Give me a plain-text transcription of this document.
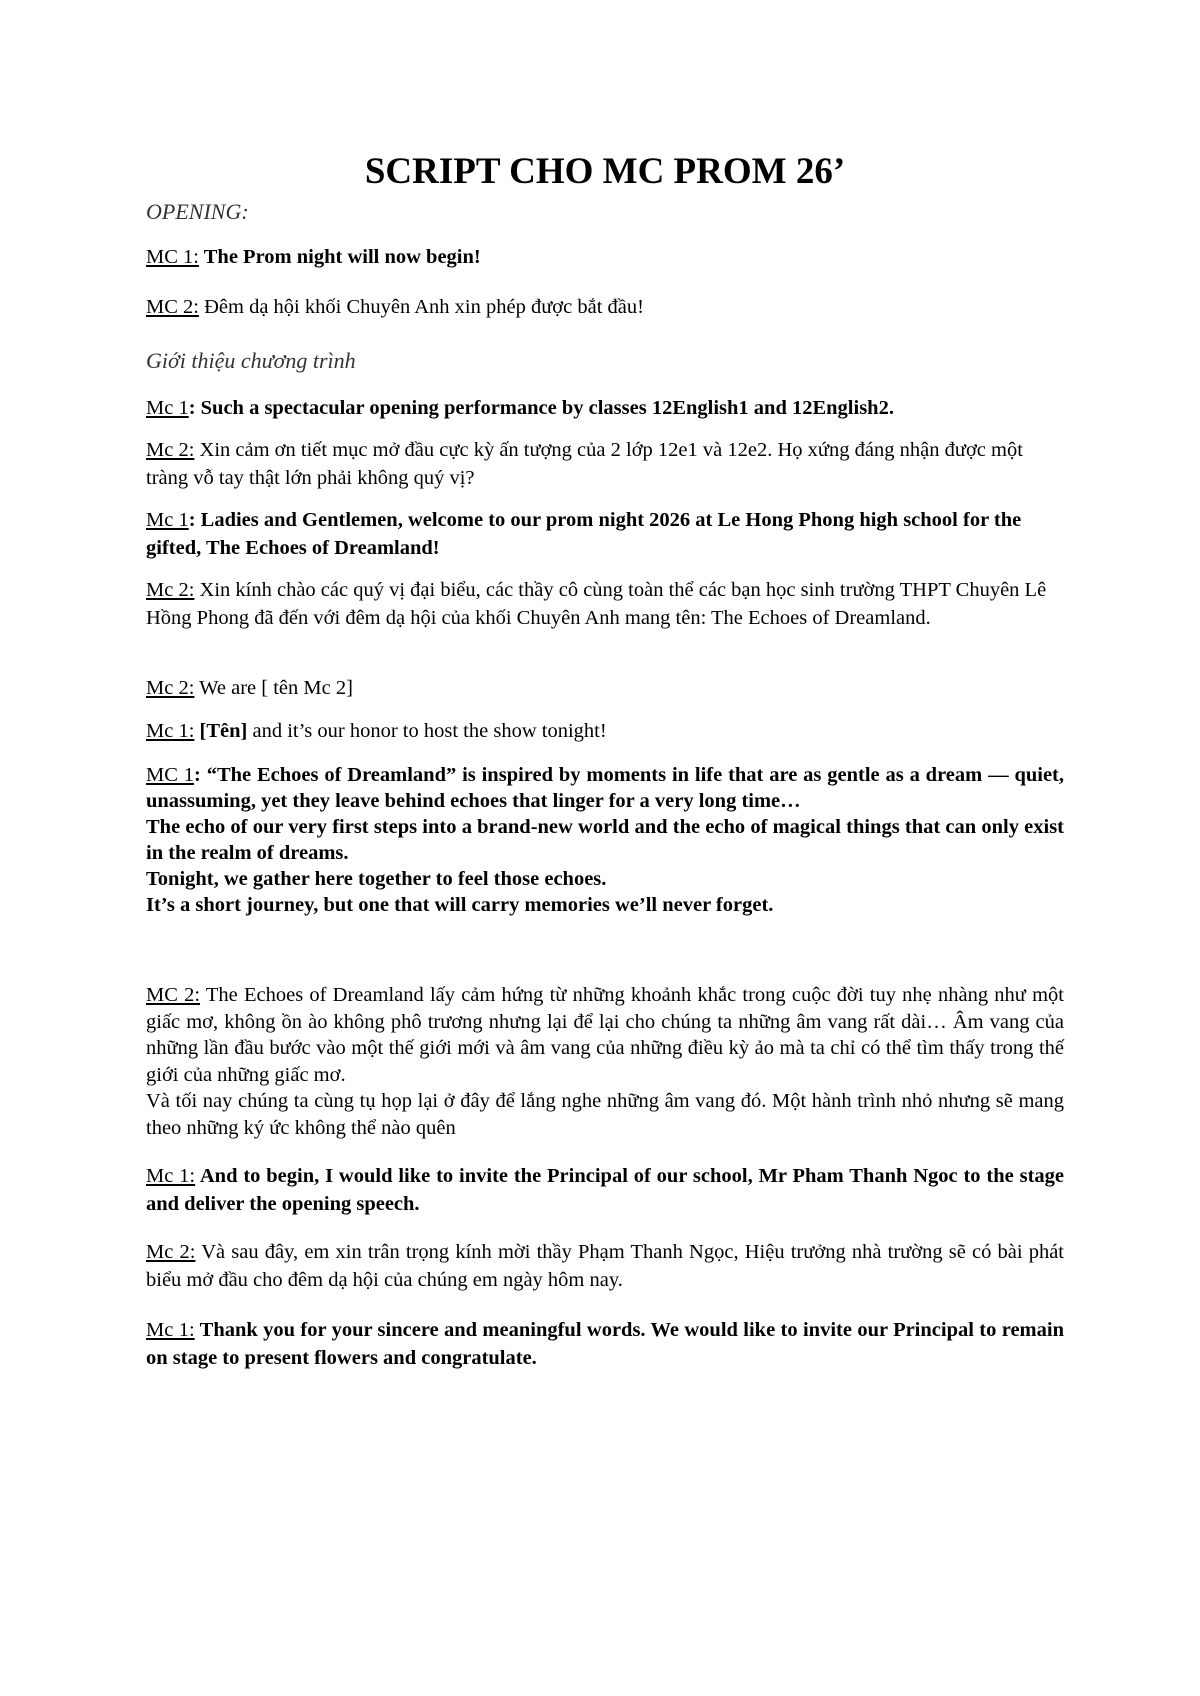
SCRIPT CHO MC PROM 26’
OPENING:

MC 1: The Prom night will now begin!

MC 2: Đêm dạ hội khối Chuyên Anh xin phép được bắt đầu!

Giới thiệu chương trình

Mc 1: Such a spectacular opening performance by classes 12English1 and 12English2.

Mc 2: Xin cảm ơn tiết mục mở đầu cực kỳ ấn tượng của 2 lớp 12e1 và 12e2. Họ xứng đáng nhận được một tràng vỗ tay thật lớn phải không quý vị?

Mc 1: Ladies and Gentlemen, welcome to our prom night 2026 at Le Hong Phong high school for the gifted, The Echoes of Dreamland!

Mc 2: Xin kính chào các quý vị đại biểu, các thầy cô cùng toàn thể các bạn học sinh trường THPT Chuyên Lê Hồng Phong đã đến với đêm dạ hội của khối Chuyên Anh mang tên: The Echoes of Dreamland.

Mc 2: We are [ tên Mc 2]

Mc 1: [Tên] and it’s our honor to host the show tonight!

MC 1: “The Echoes of Dreamland” is inspired by moments in life that are as gentle as a dream — quiet, unassuming, yet they leave behind echoes that linger for a very long time…
The echo of our very first steps into a brand-new world and the echo of magical things that can only exist in the realm of dreams.
Tonight, we gather here together to feel those echoes.
It’s a short journey, but one that will carry memories we’ll never forget.

MC 2: The Echoes of Dreamland lấy cảm hứng từ những khoảnh khắc trong cuộc đời tuy nhẹ nhàng như một giấc mơ, không ồn ào không phô trương nhưng lại để lại cho chúng ta những âm vang rất dài… Âm vang của những lần đầu bước vào một thế giới mới và âm vang của những điều kỳ ảo mà ta chỉ có thể tìm thấy trong thế giới của những giấc mơ.
Và tối nay chúng ta cùng tụ họp lại ở đây để lắng nghe những âm vang đó. Một hành trình nhỏ nhưng sẽ mang theo những ký ức không thể nào quên

Mc 1: And to begin, I would like to invite the Principal of our school, Mr Pham Thanh Ngoc to the stage and deliver the opening speech.

Mc 2: Và sau đây, em xin trân trọng kính mời thầy Phạm Thanh Ngọc, Hiệu trưởng nhà trường sẽ có bài phát biểu mở đầu cho đêm dạ hội của chúng em ngày hôm nay.

Mc 1: Thank you for your sincere and meaningful words. We would like to invite our Principal to remain on stage to present flowers and congratulate.
